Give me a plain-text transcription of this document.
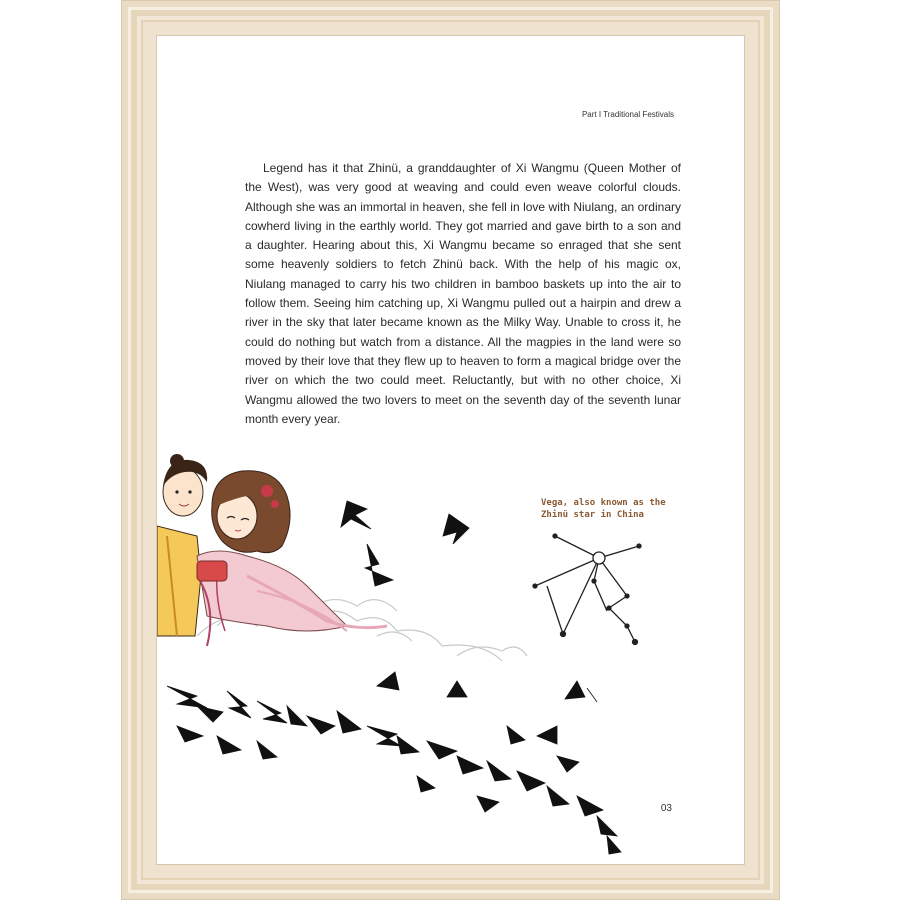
Part I Traditional Festivals

Legend has it that Zhinü, a granddaughter of Xi Wangmu (Queen Mother of the West), was very good at weaving and could even weave colorful clouds. Although she was an immortal in heaven, she fell in love with Niulang, an ordinary cowherd living in the earthly world. They got married and gave birth to a son and a daughter. Hearing about this, Xi Wangmu became so enraged that she sent some heavenly soldiers to fetch Zhinü back. With the help of his magic ox, Niulang managed to carry his two children in bamboo baskets up into the air to follow them. Seeing him catching up, Xi Wangmu pulled out a hairpin and drew a river in the sky that later became known as the Milky Way. Unable to cross it, he could do nothing but watch from a distance. All the magpies in the land were so moved by their love that they flew up to heaven to form a magical bridge over the river on which the two could meet. Reluctantly, but with no other choice, Xi Wangmu allowed the two lovers to meet on the seventh day of the seventh lunar month every year.

Vega, also known as the Zhinü star in China
03
